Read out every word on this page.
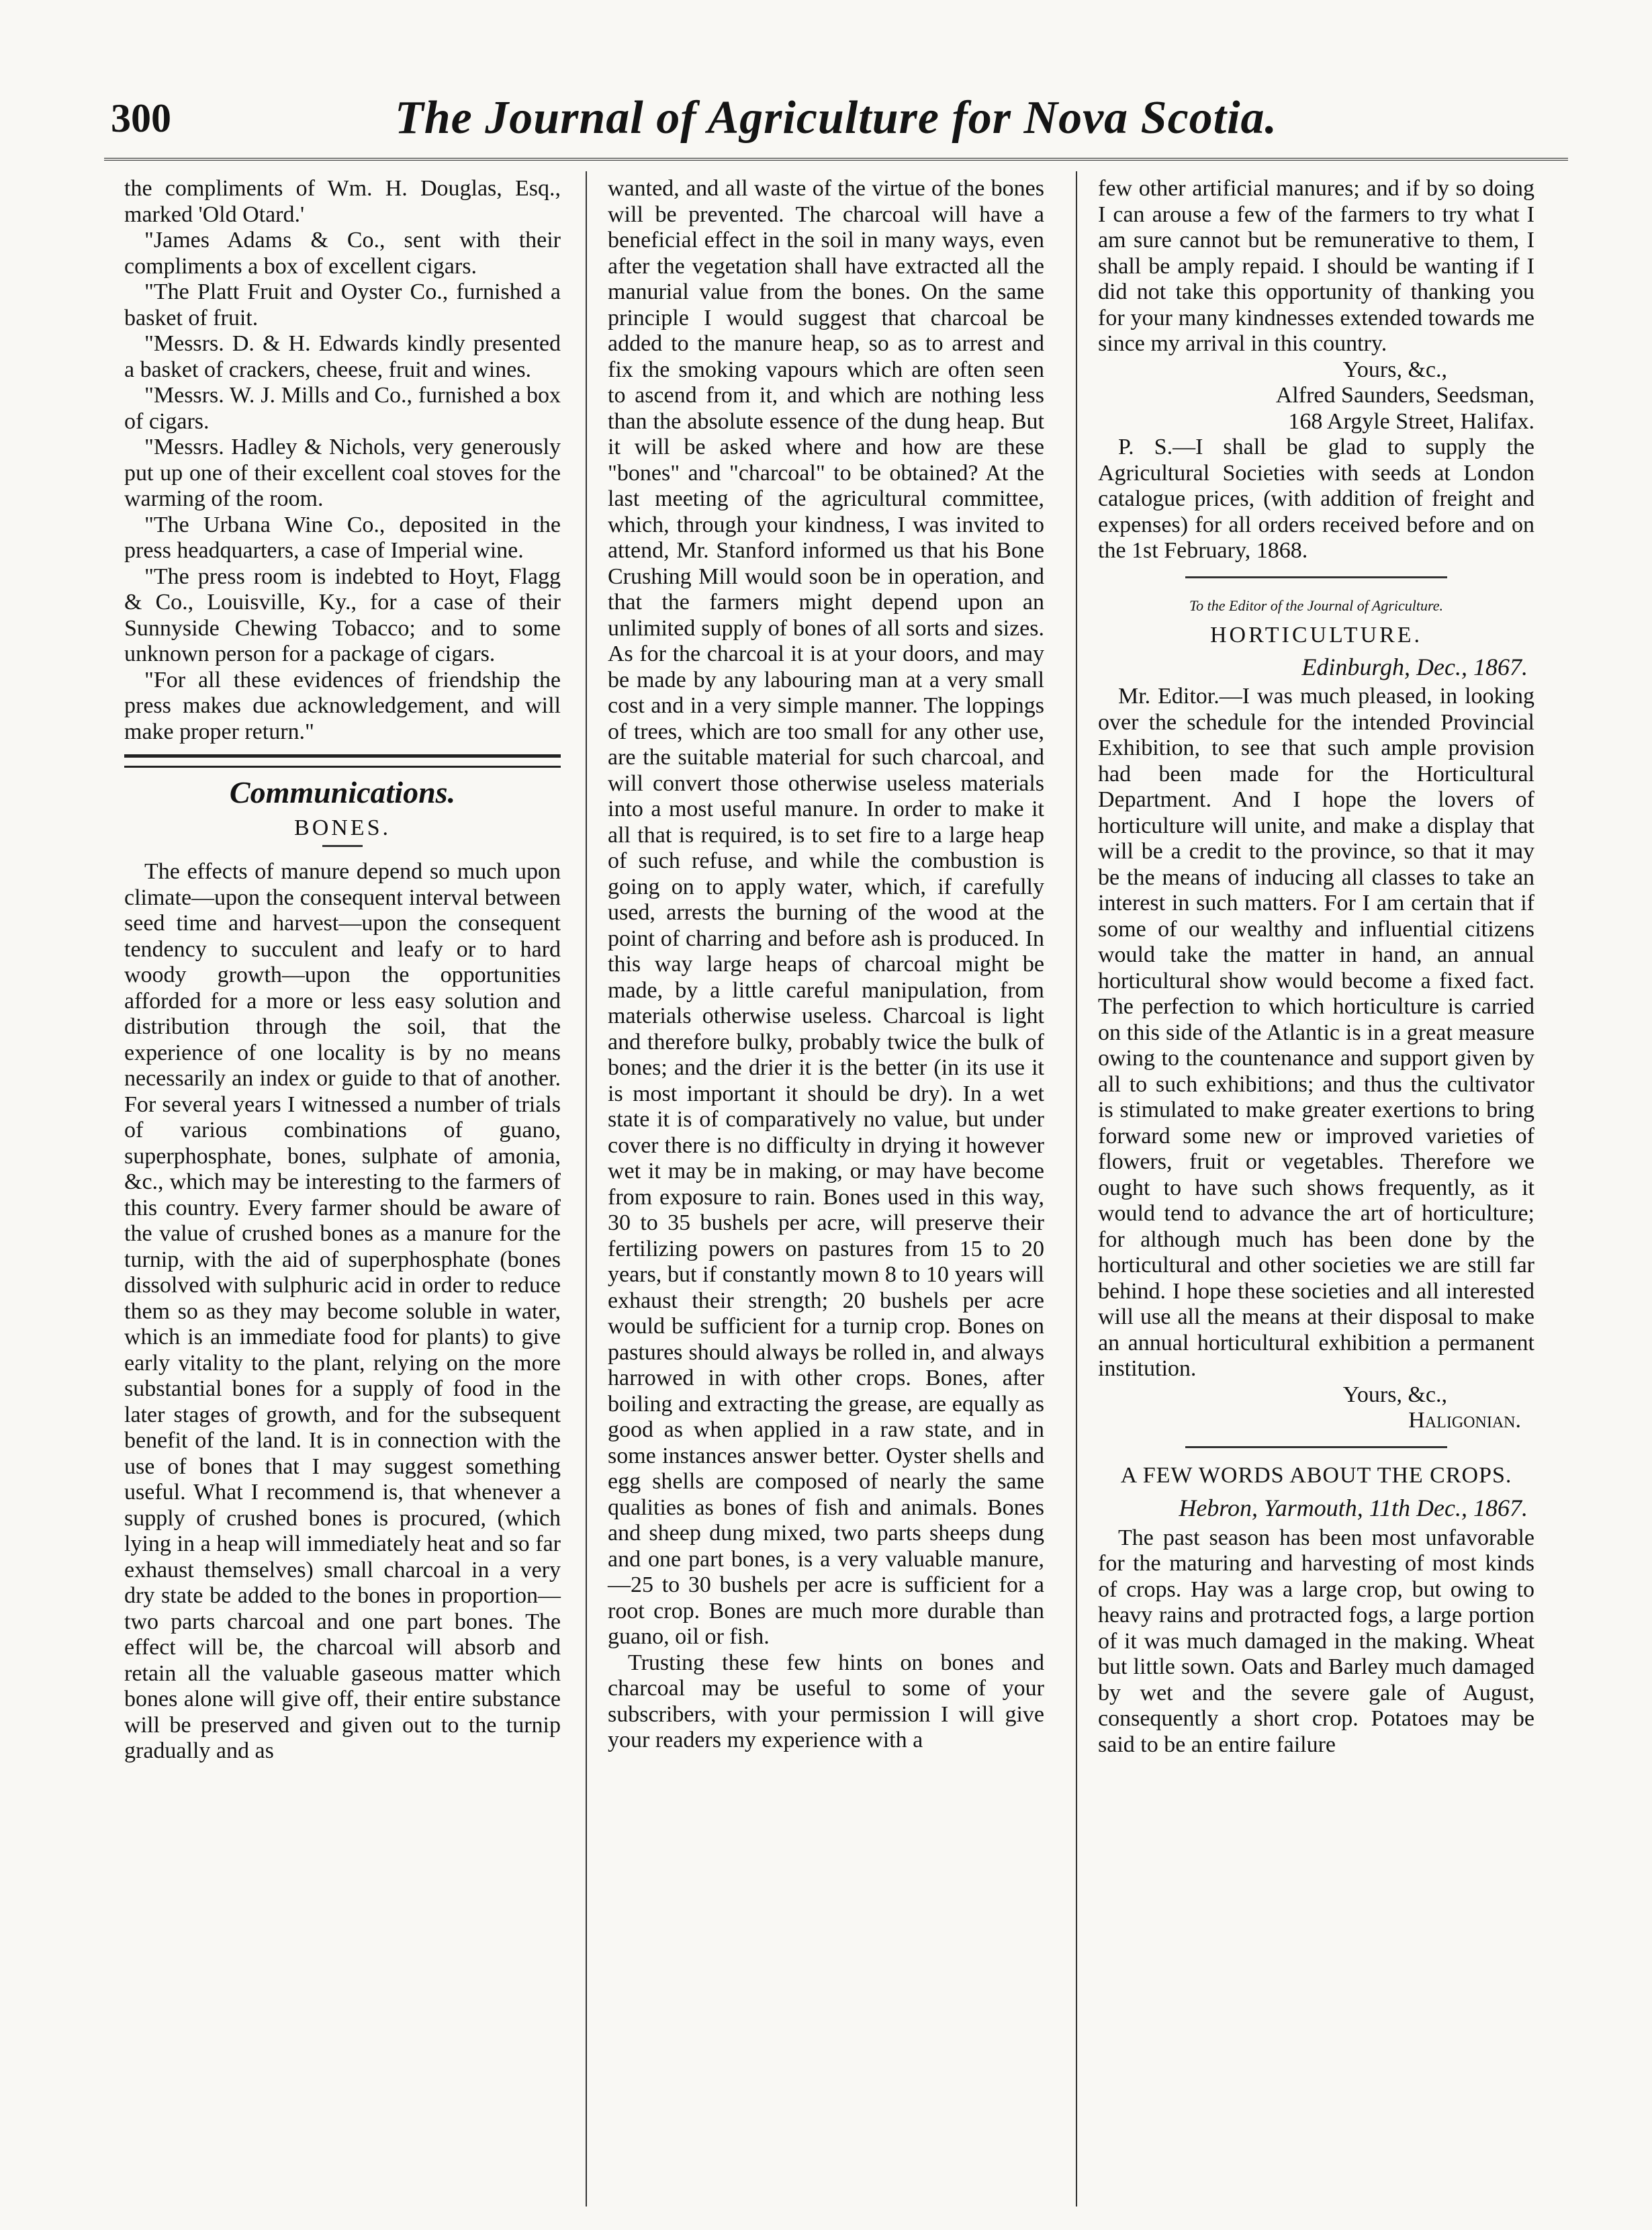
300	The Journal of Agriculture for Nova Scotia.

the compliments of Wm. H. Douglas, Esq., marked 'Old Otard.'

"James Adams & Co., sent with their compliments a box of excellent cigars.

"The Platt Fruit and Oyster Co., furnished a basket of fruit.

"Messrs. D. & H. Edwards kindly presented a basket of crackers, cheese, fruit and wines.

"Messrs. W. J. Mills and Co., furnished a box of cigars.

"Messrs. Hadley & Nichols, very generously put up one of their excellent coal stoves for the warming of the room.

"The Urbana Wine Co., deposited in the press headquarters, a case of Imperial wine.

"The press room is indebted to Hoyt, Flagg & Co., Louisville, Ky., for a case of their Sunnyside Chewing Tobacco; and to some unknown person for a package of cigars.

"For all these evidences of friendship the press makes due acknowledgement, and will make proper return."

Communications.
BONES.

The effects of manure depend so much upon climate—upon the consequent interval between seed time and harvest—upon the consequent tendency to succulent and leafy or to hard woody growth—upon the opportunities afforded for a more or less easy solution and distribution through the soil, that the experience of one locality is by no means necessarily an index or guide to that of another. For several years I witnessed a number of trials of various combinations of guano, superphosphate, bones, sulphate of amonia, &c., which may be interesting to the farmers of this country. Every farmer should be aware of the value of crushed bones as a manure for the turnip, with the aid of superphosphate (bones dissolved with sulphuric acid in order to reduce them so as they may become soluble in water, which is an immediate food for plants) to give early vitality to the plant, relying on the more substantial bones for a supply of food in the later stages of growth, and for the subsequent benefit of the land. It is in connection with the use of bones that I may suggest something useful. What I recommend is, that whenever a supply of crushed bones is procured, (which lying in a heap will immediately heat and so far exhaust themselves) small charcoal in a very dry state be added to the bones in proportion—two parts charcoal and one part bones. The effect will be, the charcoal will absorb and retain all the valuable gaseous matter which bones alone will give off, their entire substance will be preserved and given out to the turnip gradually and as

wanted, and all waste of the virtue of the bones will be prevented. The charcoal will have a beneficial effect in the soil in many ways, even after the vegetation shall have extracted all the manurial value from the bones. On the same principle I would suggest that charcoal be added to the manure heap, so as to arrest and fix the smoking vapours which are often seen to ascend from it, and which are nothing less than the absolute essence of the dung heap. But it will be asked where and how are these "bones" and "charcoal" to be obtained? At the last meeting of the agricultural committee, which, through your kindness, I was invited to attend, Mr. Stanford informed us that his Bone Crushing Mill would soon be in operation, and that the farmers might depend upon an unlimited supply of bones of all sorts and sizes. As for the charcoal it is at your doors, and may be made by any labouring man at a very small cost and in a very simple manner. The loppings of trees, which are too small for any other use, are the suitable material for such charcoal, and will convert those otherwise useless materials into a most useful manure. In order to make it all that is required, is to set fire to a large heap of such refuse, and while the combustion is going on to apply water, which, if carefully used, arrests the burning of the wood at the point of charring and before ash is produced. In this way large heaps of charcoal might be made, by a little careful manipulation, from materials otherwise useless. Charcoal is light and therefore bulky, probably twice the bulk of bones; and the drier it is the better (in its use it is most important it should be dry). In a wet state it is of comparatively no value, but under cover there is no difficulty in drying it however wet it may be in making, or may have become from exposure to rain. Bones used in this way, 30 to 35 bushels per acre, will preserve their fertilizing powers on pastures from 15 to 20 years, but if constantly mown 8 to 10 years will exhaust their strength; 20 bushels per acre would be sufficient for a turnip crop. Bones on pastures should always be rolled in, and always harrowed in with other crops. Bones, after boiling and extracting the grease, are equally as good as when applied in a raw state, and in some instances answer better. Oyster shells and egg shells are composed of nearly the same qualities as bones of fish and animals. Bones and sheep dung mixed, two parts sheeps dung and one part bones, is a very valuable manure,—25 to 30 bushels per acre is sufficient for a root crop. Bones are much more durable than guano, oil or fish.

Trusting these few hints on bones and charcoal may be useful to some of your subscribers, with your permission I will give your readers my experience with a

few other artificial manures; and if by so doing I can arouse a few of the farmers to try what I am sure cannot but be remunerative to them, I shall be amply repaid. I should be wanting if I did not take this opportunity of thanking you for your many kindnesses extended towards me since my arrival in this country.

Yours, &c.,
Alfred Saunders, Seedsman,
168 Argyle Street, Halifax.

P. S.—I shall be glad to supply the Agricultural Societies with seeds at London catalogue prices, (with addition of freight and expenses) for all orders received before and on the 1st February, 1868.

To the Editor of the Journal of Agriculture.
HORTICULTURE.
Edinburgh, Dec., 1867.

Mr. Editor.—I was much pleased, in looking over the schedule for the intended Provincial Exhibition, to see that such ample provision had been made for the Horticultural Department. And I hope the lovers of horticulture will unite, and make a display that will be a credit to the province, so that it may be the means of inducing all classes to take an interest in such matters. For I am certain that if some of our wealthy and influential citizens would take the matter in hand, an annual horticultural show would become a fixed fact. The perfection to which horticulture is carried on this side of the Atlantic is in a great measure owing to the countenance and support given by all to such exhibitions; and thus the cultivator is stimulated to make greater exertions to bring forward some new or improved varieties of flowers, fruit or vegetables. Therefore we ought to have such shows frequently, as it would tend to advance the art of horticulture; for although much has been done by the horticultural and other societies we are still far behind. I hope these societies and all interested will use all the means at their disposal to make an annual horticultural exhibition a permanent institution.

Yours, &c.,
Haligonian.
A FEW WORDS ABOUT THE CROPS.
Hebron, Yarmouth, 11th Dec., 1867.

The past season has been most unfavorable for the maturing and harvesting of most kinds of crops. Hay was a large crop, but owing to heavy rains and protracted fogs, a large portion of it was much damaged in the making. Wheat but little sown. Oats and Barley much damaged by wet and the severe gale of August, consequently a short crop. Potatoes may be said to be an entire failure
